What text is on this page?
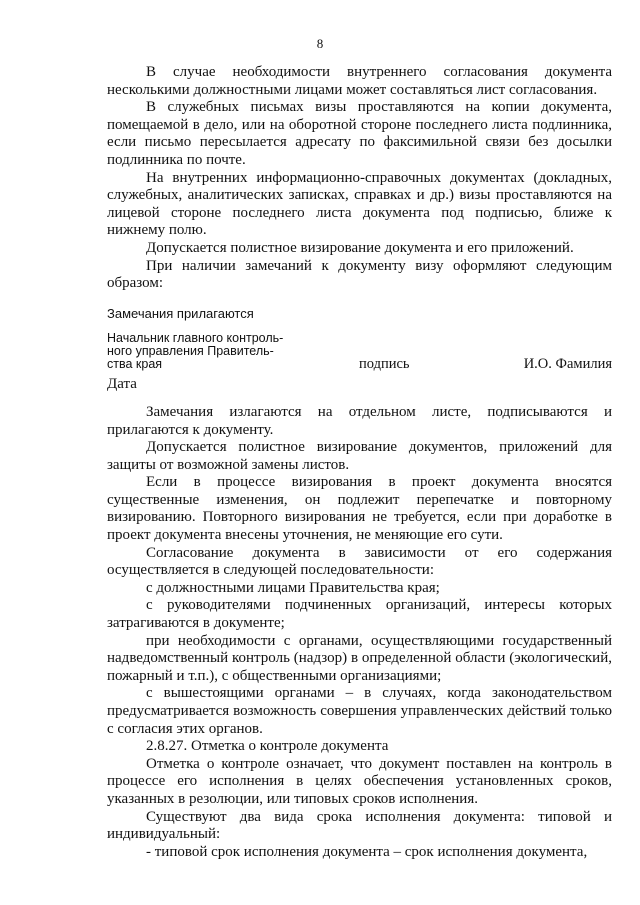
8

В случае необходимости внутреннего согласования документа несколькими должностными лицами может составляться лист согласования.

В служебных письмах визы проставляются на копии документа, помещаемой в дело, или на оборотной стороне последнего листа подлинника, если письмо пересылается адресату по факсимильной связи без досылки подлинника по почте.

На внутренних информационно-справочных документах (докладных, служебных, аналитических записках, справках и др.) визы проставляются на лицевой стороне последнего листа документа под подписью, ближе к нижнему полю.

Допускается полистное визирование документа и его приложений.

При наличии замечаний к документу визу оформляют следующим образом:

Замечания прилагаются

Начальник главного контроль-
ного управления Правитель-
ства края	подпись	И.О. Фамилия

Дата

Замечания излагаются на отдельном листе, подписываются и прилагаются к документу.

Допускается полистное визирование документов, приложений для защиты от возможной замены листов.

Если в процессе визирования в проект документа вносятся существенные изменения, он подлежит перепечатке и повторному визированию. Повторного визирования не требуется, если при доработке в проект документа внесены уточнения, не меняющие его сути.

Согласование документа в зависимости от его содержания осуществляется в следующей последовательности:

с должностными лицами Правительства края;

с руководителями подчиненных организаций, интересы которых затрагиваются в документе;

при необходимости с органами, осуществляющими государственный надведомственный контроль (надзор) в определенной области (экологический, пожарный и т.п.), с общественными организациями;

с вышестоящими органами – в случаях, когда законодательством предусматривается возможность совершения управленческих действий только с согласия этих органов.

2.8.27. Отметка о контроле документа

Отметка о контроле означает, что документ поставлен на контроль в процессе его исполнения в целях обеспечения установленных сроков, указанных в резолюции, или типовых сроков исполнения.

Существуют два вида срока исполнения документа: типовой и индивидуальный:

- типовой срок исполнения документа – срок исполнения документа,
